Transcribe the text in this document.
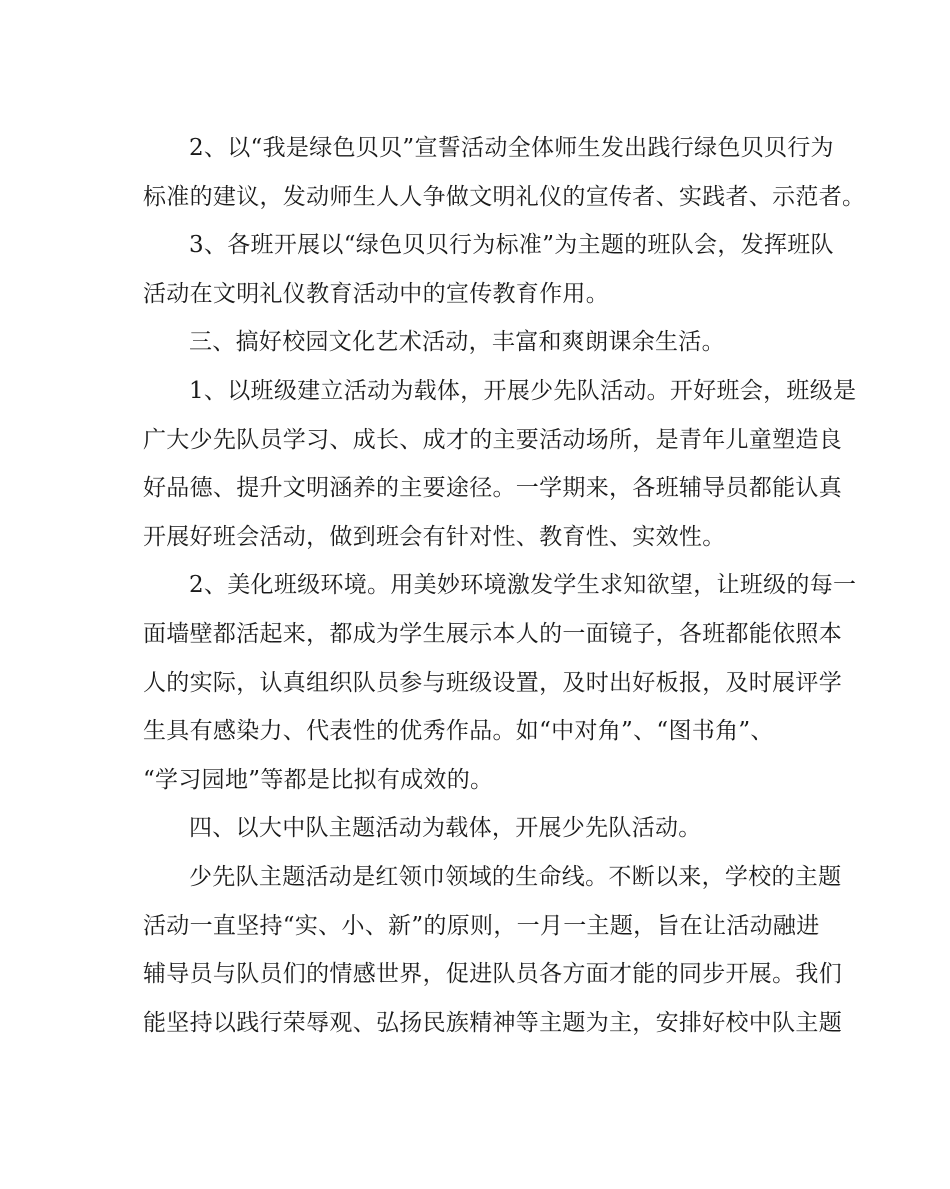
2、以“我是绿色贝贝”宣誓活动全体师生发出践行绿色贝贝行为
标准的建议，发动师生人人争做文明礼仪的宣传者、实践者、示范者。
3、各班开展以“绿色贝贝行为标准”为主题的班队会，发挥班队
活动在文明礼仪教育活动中的宣传教育作用。
三、搞好校园文化艺术活动，丰富和爽朗课余生活。
1、以班级建立活动为载体，开展少先队活动。开好班会，班级是
广大少先队员学习、成长、成才的主要活动场所，是青年儿童塑造良
好品德、提升文明涵养的主要途径。一学期来，各班辅导员都能认真
开展好班会活动，做到班会有针对性、教育性、实效性。
2、美化班级环境。用美妙环境激发学生求知欲望，让班级的每一
面墙壁都活起来，都成为学生展示本人的一面镜子，各班都能依照本
人的实际，认真组织队员参与班级设置，及时出好板报，及时展评学
生具有感染力、代表性的优秀作品。如“中对角”、“图书角”、
“学习园地”等都是比拟有成效的。
四、以大中队主题活动为载体，开展少先队活动。
少先队主题活动是红领巾领域的生命线。不断以来，学校的主题
活动一直坚持“实、小、新”的原则，一月一主题，旨在让活动融进
辅导员与队员们的情感世界，促进队员各方面才能的同步开展。我们
能坚持以践行荣辱观、弘扬民族精神等主题为主，安排好校中队主题
